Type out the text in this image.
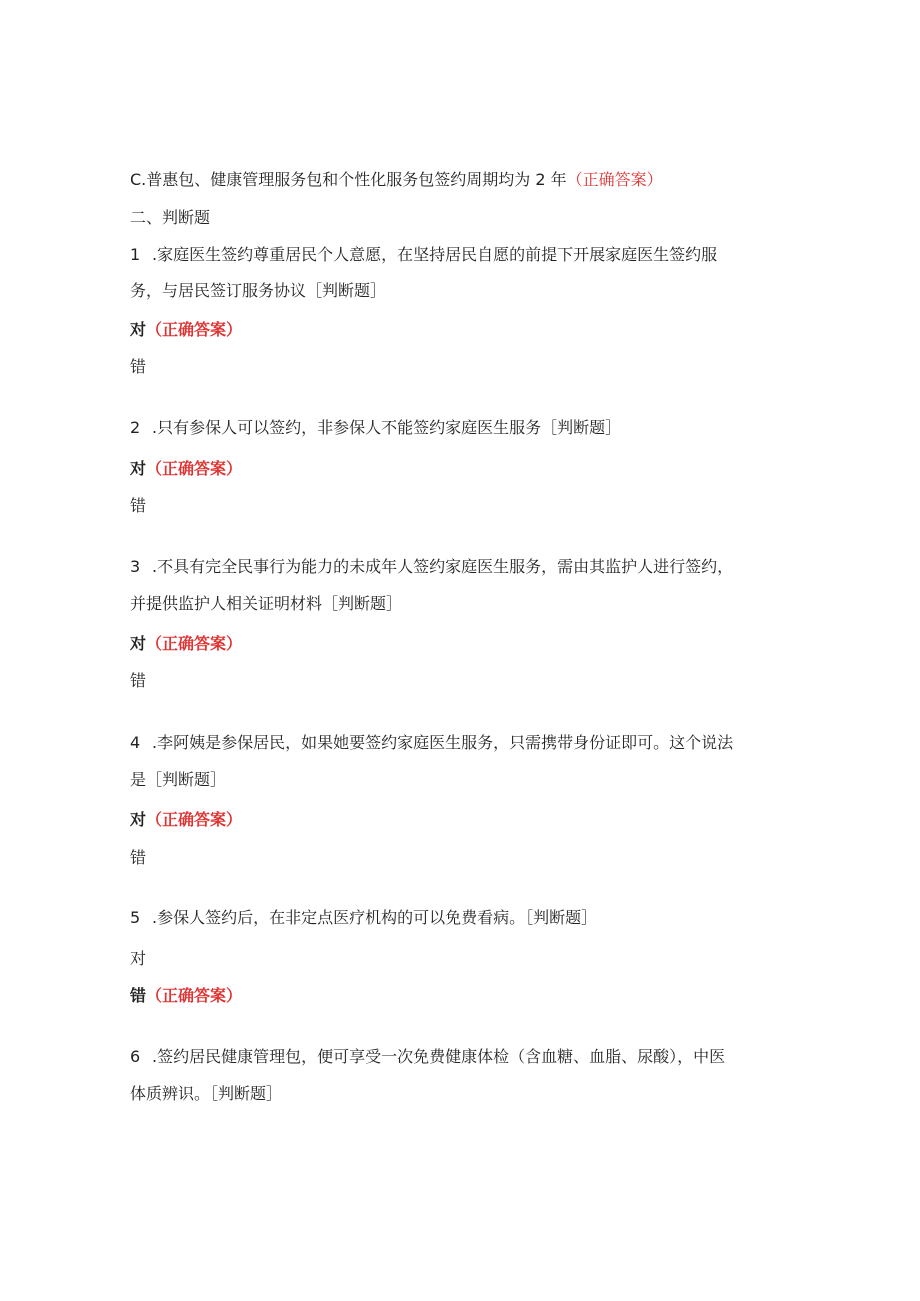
C.普惠包、健康管理服务包和个性化服务包签约周期均为 2 年（正确答案）
二、判断题
1 .家庭医生签约尊重居民个人意愿，在坚持居民自愿的前提下开展家庭医生签约服
务，与居民签订服务协议［判断题］
对（正确答案）
错
2 .只有参保人可以签约，非参保人不能签约家庭医生服务［判断题］
对（正确答案）
错
3 .不具有完全民事行为能力的未成年人签约家庭医生服务，需由其监护人进行签约，
并提供监护人相关证明材料［判断题］
对（正确答案）
错
4 .李阿姨是参保居民，如果她要签约家庭医生服务，只需携带身份证即可。这个说法
是［判断题］
对（正确答案）
错
5 .参保人签约后，在非定点医疗机构的可以免费看病。［判断题］
对
错（正确答案）
6 .签约居民健康管理包，便可享受一次免费健康体检（含血糖、血脂、尿酸），中医
体质辨识。［判断题］
